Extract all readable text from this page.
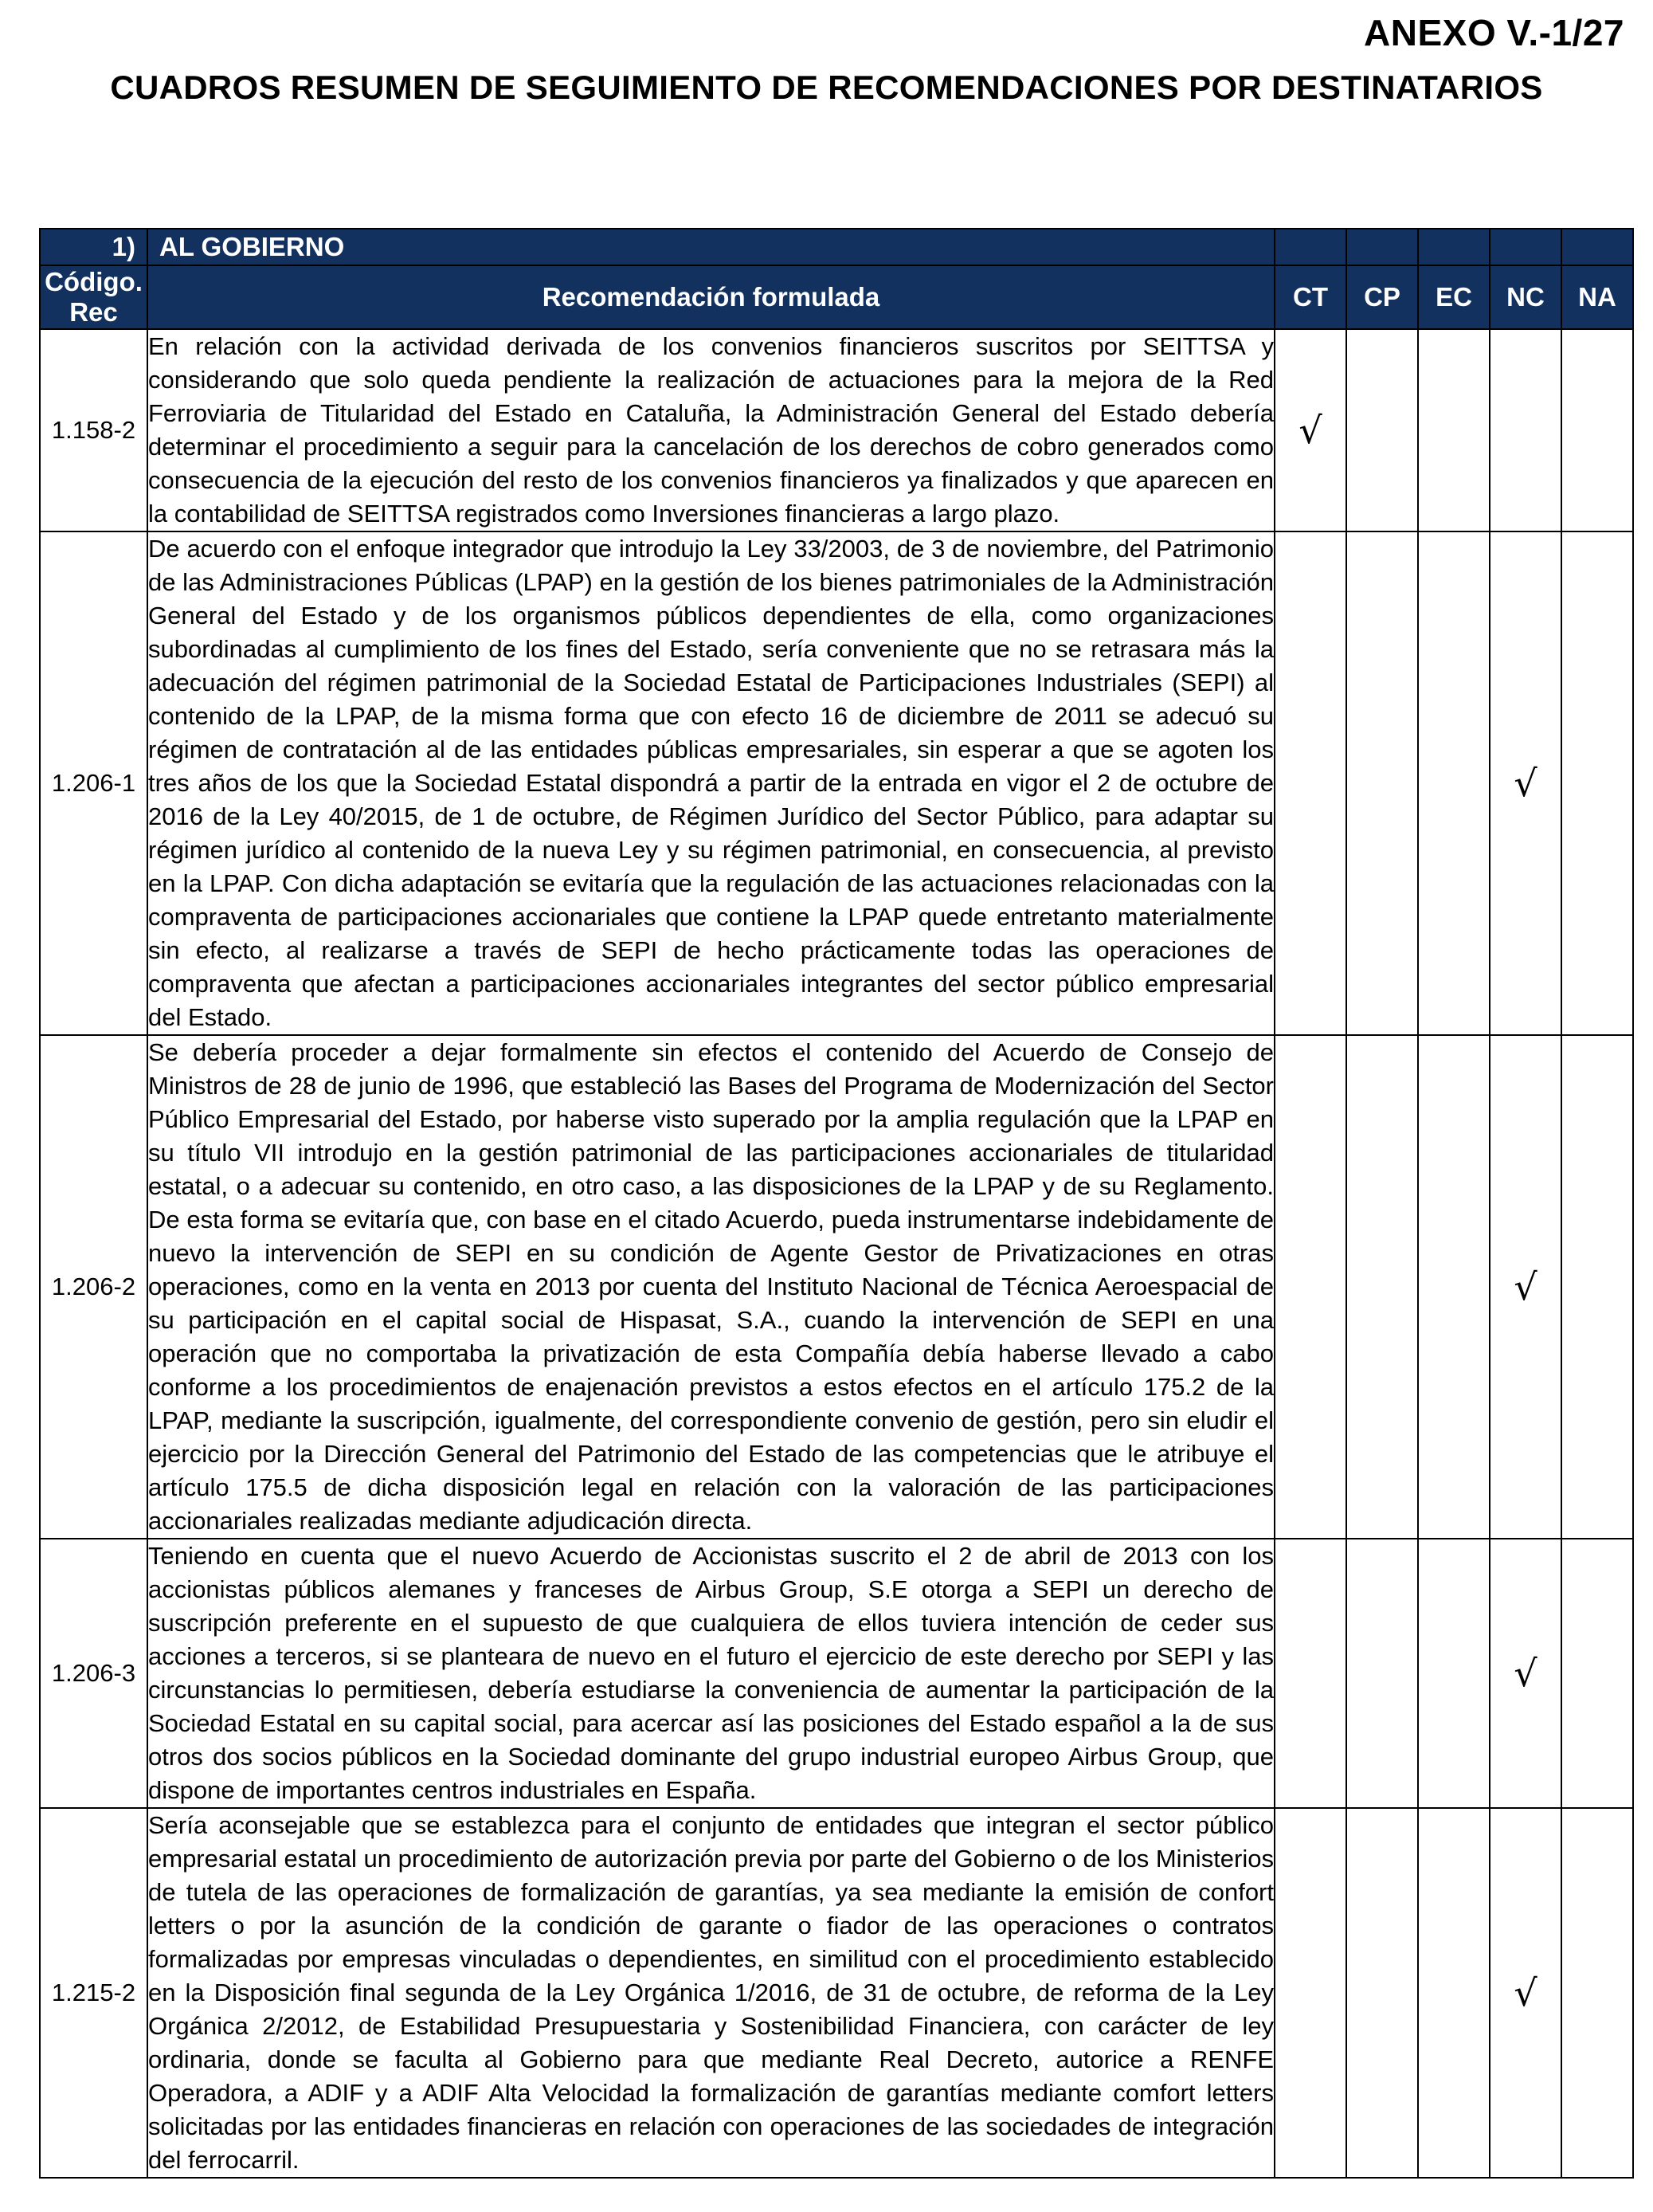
ANEXO V.-1/27
CUADROS RESUMEN DE SEGUIMIENTO DE RECOMENDACIONES POR DESTINATARIOS
1)	AL GOBIERNO					
Código. Rec	Recomendación formulada	CT	CP	EC	NC	NA
1.158-2	En relación con la actividad derivada de los convenios financieros suscritos por SEITTSA y considerando que solo queda pendiente la realización de actuaciones para la mejora de la Red Ferroviaria de Titularidad del Estado en Cataluña, la Administración General del Estado debería determinar el procedimiento a seguir para la cancelación de los derechos de cobro generados como consecuencia de la ejecución del resto de los convenios financieros ya finalizados y que aparecen en la contabilidad de SEITTSA registrados como Inversiones financieras a largo plazo.	√				
1.206-1	De acuerdo con el enfoque integrador que introdujo la Ley 33/2003, de 3 de noviembre, del Patrimonio de las Administraciones Públicas (LPAP) en la gestión de los bienes patrimoniales de la Administración General del Estado y de los organismos públicos dependientes de ella, como organizaciones subordinadas al cumplimiento de los fines del Estado, sería conveniente que no se retrasara más la adecuación del régimen patrimonial de la Sociedad Estatal de Participaciones Industriales (SEPI) al contenido de la LPAP, de la misma forma que con efecto 16 de diciembre de 2011 se adecuó su régimen de contratación al de las entidades públicas empresariales, sin esperar a que se agoten los tres años de los que la Sociedad Estatal dispondrá a partir de la entrada en vigor el 2 de octubre de 2016 de la Ley 40/2015, de 1 de octubre, de Régimen Jurídico del Sector Público, para adaptar su régimen jurídico al contenido de la nueva Ley y su régimen patrimonial, en consecuencia, al previsto en la LPAP. Con dicha adaptación se evitaría que la regulación de las actuaciones relacionadas con la compraventa de participaciones accionariales que contiene la LPAP quede entretanto materialmente sin efecto, al realizarse a través de SEPI de hecho prácticamente todas las operaciones de compraventa que afectan a participaciones accionariales integrantes del sector público empresarial del Estado.				√	
1.206-2	Se debería proceder a dejar formalmente sin efectos el contenido del Acuerdo de Consejo de Ministros de 28 de junio de 1996, que estableció las Bases del Programa de Modernización del Sector Público Empresarial del Estado, por haberse visto superado por la amplia regulación que la LPAP en su título VII introdujo en la gestión patrimonial de las participaciones accionariales de titularidad estatal, o a adecuar su contenido, en otro caso, a las disposiciones de la LPAP y de su Reglamento. De esta forma se evitaría que, con base en el citado Acuerdo, pueda instrumentarse indebidamente de nuevo la intervención de SEPI en su condición de Agente Gestor de Privatizaciones en otras operaciones, como en la venta en 2013 por cuenta del Instituto Nacional de Técnica Aeroespacial de su participación en el capital social de Hispasat, S.A., cuando la intervención de SEPI en una operación que no comportaba la privatización de esta Compañía debía haberse llevado a cabo conforme a los procedimientos de enajenación previstos a estos efectos en el artículo 175.2 de la LPAP, mediante la suscripción, igualmente, del correspondiente convenio de gestión, pero sin eludir el ejercicio por la Dirección General del Patrimonio del Estado de las competencias que le atribuye el artículo 175.5 de dicha disposición legal en relación con la valoración de las participaciones accionariales realizadas mediante adjudicación directa.				√	
1.206-3	Teniendo en cuenta que el nuevo Acuerdo de Accionistas suscrito el 2 de abril de 2013 con los accionistas públicos alemanes y franceses de Airbus Group, S.E otorga a SEPI un derecho de suscripción preferente en el supuesto de que cualquiera de ellos tuviera intención de ceder sus acciones a terceros, si se planteara de nuevo en el futuro el ejercicio de este derecho por SEPI y las circunstancias lo permitiesen, debería estudiarse la conveniencia de aumentar la participación de la Sociedad Estatal en su capital social, para acercar así las posiciones del Estado español a la de sus otros dos socios públicos en la Sociedad dominante del grupo industrial europeo Airbus Group, que dispone de importantes centros industriales en España.				√	
1.215-2	Sería aconsejable que se establezca para el conjunto de entidades que integran el sector público empresarial estatal un procedimiento de autorización previa por parte del Gobierno o de los Ministerios de tutela de las operaciones de formalización de garantías, ya sea mediante la emisión de confort letters o por la asunción de la condición de garante o fiador de las operaciones o contratos formalizadas por empresas vinculadas o dependientes, en similitud con el procedimiento establecido en la Disposición final segunda de la Ley Orgánica 1/2016, de 31 de octubre, de reforma de la Ley Orgánica 2/2012, de Estabilidad Presupuestaria y Sostenibilidad Financiera, con carácter de ley ordinaria, donde se faculta al Gobierno para que mediante Real Decreto, autorice a RENFE Operadora, a ADIF y a ADIF Alta Velocidad la formalización de garantías mediante comfort letters solicitadas por las entidades financieras en relación con operaciones de las sociedades de integración del ferrocarril.				√	
